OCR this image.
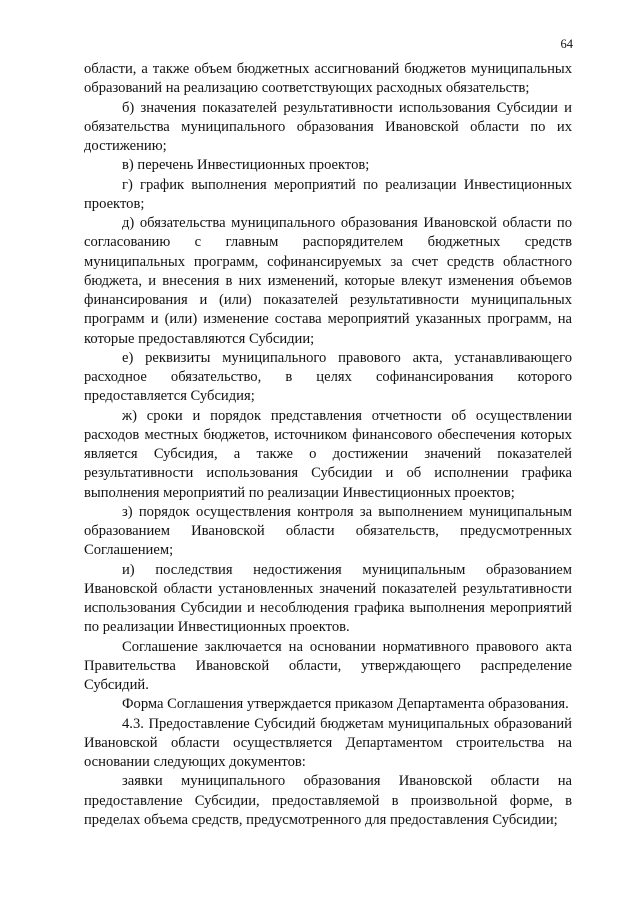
64

области, а также объем бюджетных ассигнований бюджетов муниципальных образований на реализацию соответствующих расходных обязательств;

б) значения показателей результативности использования Субсидии и обязательства муниципального образования Ивановской области по их достижению;

в) перечень Инвестиционных проектов;

г) график выполнения мероприятий по реализации Инвестиционных проектов;

д) обязательства муниципального образования Ивановской области по согласованию с главным распорядителем бюджетных средств муниципальных программ, софинансируемых за счет средств областного бюджета, и внесения в них изменений, которые влекут изменения объемов финансирования и (или) показателей результативности муниципальных программ и (или) изменение состава мероприятий указанных программ, на которые предоставляются Субсидии;

е) реквизиты муниципального правового акта, устанавливающего расходное обязательство, в целях софинансирования которого предоставляется Субсидия;

ж) сроки и порядок представления отчетности об осуществлении расходов местных бюджетов, источником финансового обеспечения которых является Субсидия, а также о достижении значений показателей результативности использования Субсидии и об исполнении графика выполнения мероприятий по реализации Инвестиционных проектов;

з) порядок осуществления контроля за выполнением муниципальным образованием Ивановской области обязательств, предусмотренных Соглашением;

и) последствия недостижения муниципальным образованием Ивановской области установленных значений показателей результативности использования Субсидии и несоблюдения графика выполнения мероприятий по реализации Инвестиционных проектов.

Соглашение заключается на основании нормативного правового акта Правительства Ивановской области, утверждающего распределение Субсидий.

Форма Соглашения утверждается приказом Департамента образования.

4.3. Предоставление Субсидий бюджетам муниципальных образований Ивановской области осуществляется Департаментом строительства на основании следующих документов:

заявки муниципального образования Ивановской области на предоставление Субсидии, предоставляемой в произвольной форме, в пределах объема средств, предусмотренного для предоставления Субсидии;
